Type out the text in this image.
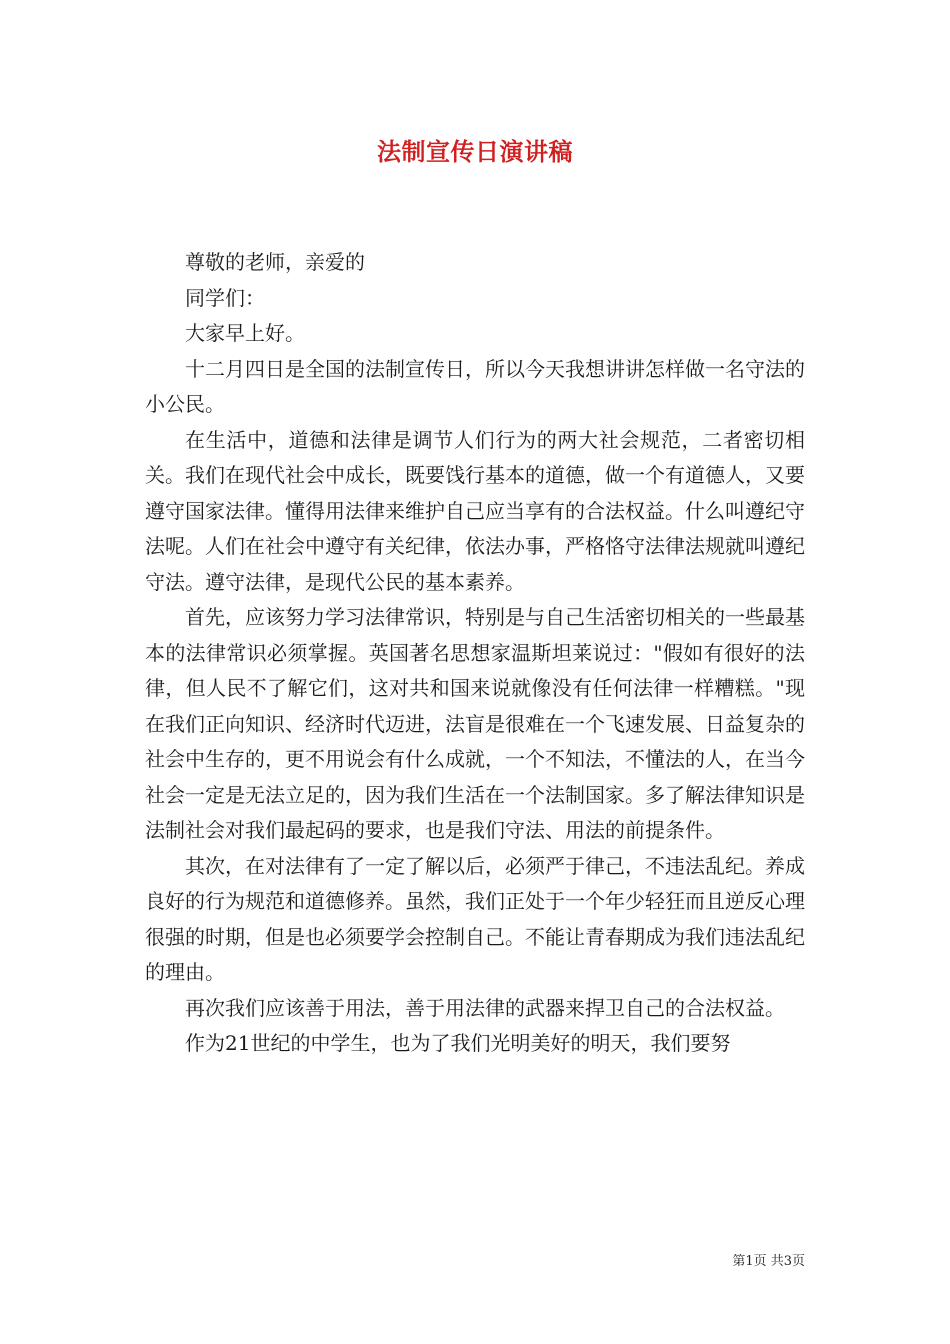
法制宣传日演讲稿

尊敬的老师，亲爱的

同学们：

大家早上好。

十二月四日是全国的法制宣传日，所以今天我想讲讲怎样做一名守法的小公民。

在生活中，道德和法律是调节人们行为的两大社会规范，二者密切相关。我们在现代社会中成长，既要饯行基本的道德，做一个有道德人，又要遵守国家法律。懂得用法律来维护自己应当享有的合法权益。什么叫遵纪守法呢。人们在社会中遵守有关纪律，依法办事，严格恪守法律法规就叫遵纪守法。遵守法律，是现代公民的基本素养。

首先，应该努力学习法律常识，特别是与自己生活密切相关的一些最基本的法律常识必须掌握。英国著名思想家温斯坦莱说过："假如有很好的法律，但人民不了解它们，这对共和国来说就像没有任何法律一样糟糕。"现在我们正向知识、经济时代迈进，法盲是很难在一个飞速发展、日益复杂的社会中生存的，更不用说会有什么成就，一个不知法，不懂法的人，在当今社会一定是无法立足的，因为我们生活在一个法制国家。多了解法律知识是法制社会对我们最起码的要求，也是我们守法、用法的前提条件。

其次，在对法律有了一定了解以后，必须严于律己，不违法乱纪。养成良好的行为规范和道德修养。虽然，我们正处于一个年少轻狂而且逆反心理很强的时期，但是也必须要学会控制自己。不能让青春期成为我们违法乱纪的理由。

再次我们应该善于用法，善于用法律的武器来捍卫自己的合法权益。

作为21世纪的中学生，也为了我们光明美好的明天，我们要努

第1页 共3页
